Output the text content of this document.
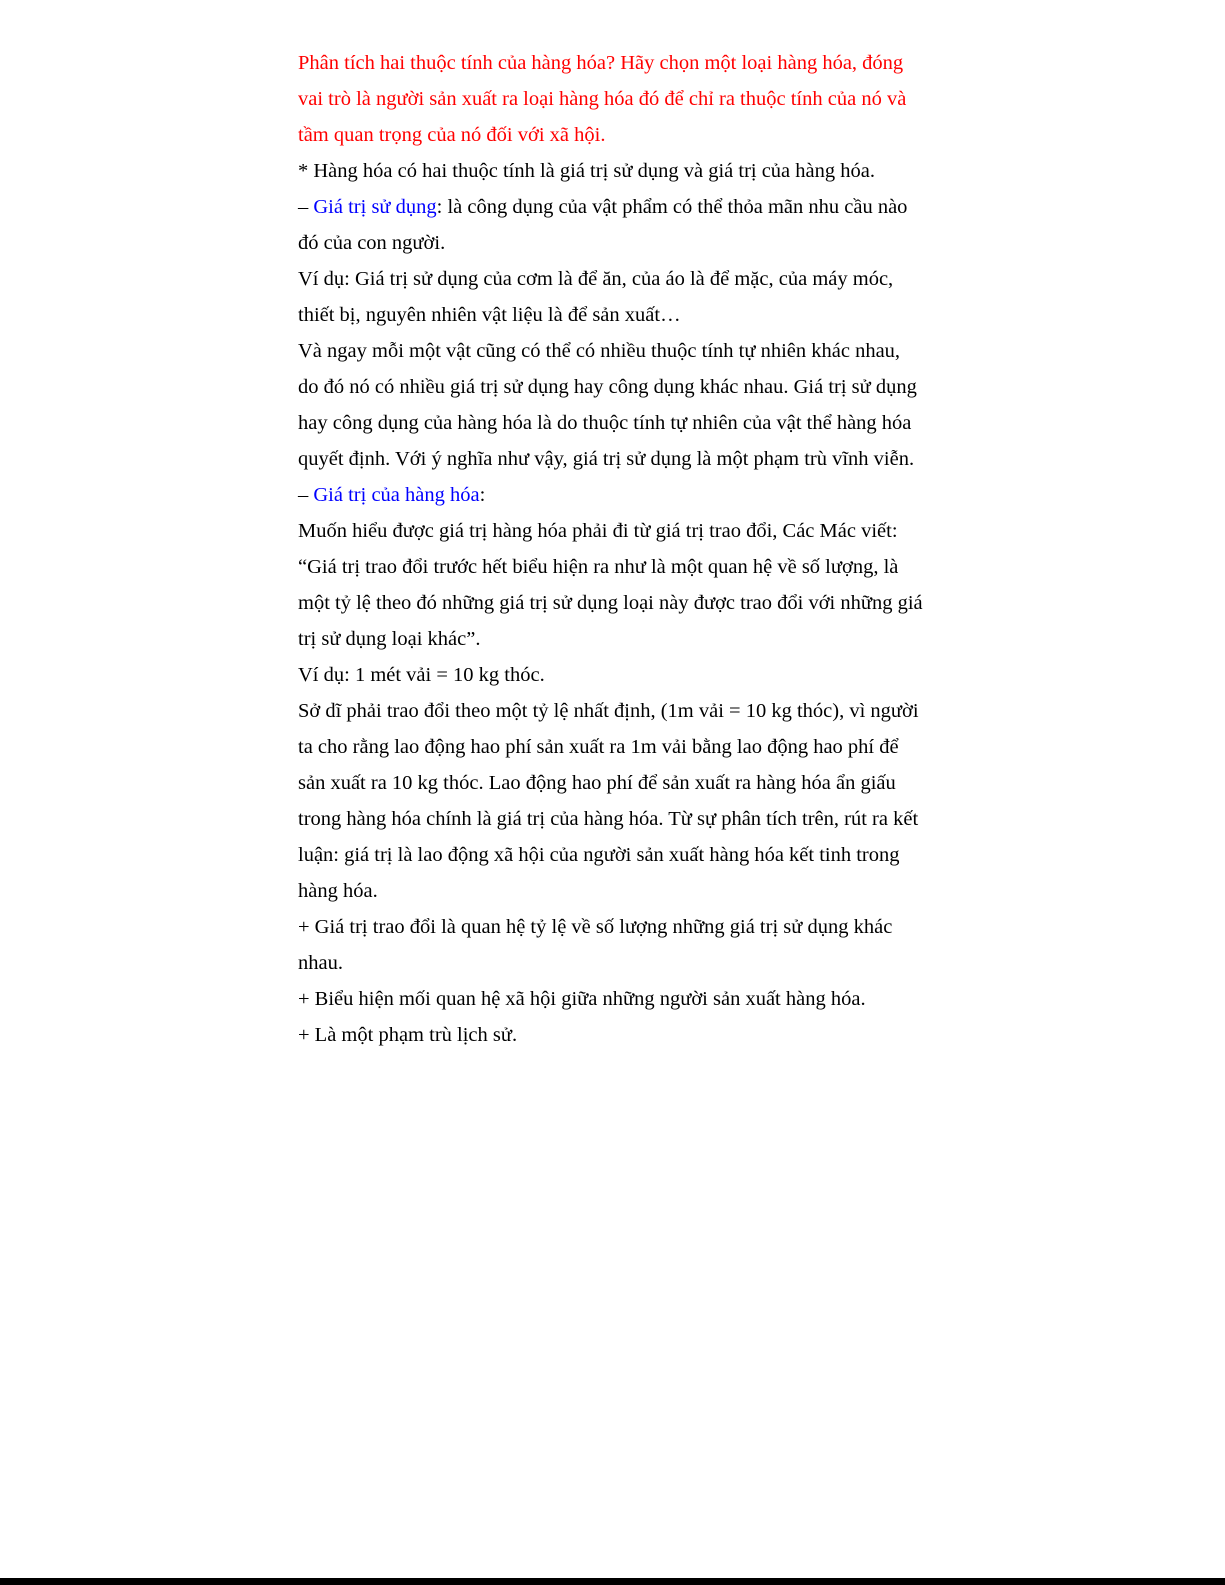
Phân tích hai thuộc tính của hàng hóa? Hãy chọn một loại hàng hóa, đóng vai trò là người sản xuất ra loại hàng hóa đó để chỉ ra thuộc tính của nó và tầm quan trọng của nó đối với xã hội.

* Hàng hóa có hai thuộc tính là giá trị sử dụng và giá trị của hàng hóa.

– Giá trị sử dụng: là công dụng của vật phẩm có thể thỏa mãn nhu cầu nào đó của con người.

Ví dụ: Giá trị sử dụng của cơm là để ăn, của áo là để mặc, của máy móc, thiết bị, nguyên nhiên vật liệu là để sản xuất…

Và ngay mỗi một vật cũng có thể có nhiều thuộc tính tự nhiên khác nhau, do đó nó có nhiều giá trị sử dụng hay công dụng khác nhau. Giá trị sử dụng hay công dụng của hàng hóa là do thuộc tính tự nhiên của vật thể hàng hóa quyết định. Với ý nghĩa như vậy, giá trị sử dụng là một phạm trù vĩnh viễn.

– Giá trị của hàng hóa:

Muốn hiểu được giá trị hàng hóa phải đi từ giá trị trao đổi, Các Mác viết: “Giá trị trao đổi trước hết biểu hiện ra như là một quan hệ về số lượng, là một tỷ lệ theo đó những giá trị sử dụng loại này được trao đổi với những giá trị sử dụng loại khác”.

Ví dụ: 1 mét vải = 10 kg thóc.

Sở dĩ phải trao đổi theo một tỷ lệ nhất định, (1m vải = 10 kg thóc), vì người ta cho rằng lao động hao phí sản xuất ra 1m vải bằng lao động hao phí để sản xuất ra 10 kg thóc. Lao động hao phí để sản xuất ra hàng hóa ẩn giấu trong hàng hóa chính là giá trị của hàng hóa. Từ sự phân tích trên, rút ra kết luận: giá trị là lao động xã hội của người sản xuất hàng hóa kết tinh trong hàng hóa.

+ Giá trị trao đổi là quan hệ tỷ lệ về số lượng những giá trị sử dụng khác nhau.

+ Biểu hiện mối quan hệ xã hội giữa những người sản xuất hàng hóa.

+ Là một phạm trù lịch sử.
